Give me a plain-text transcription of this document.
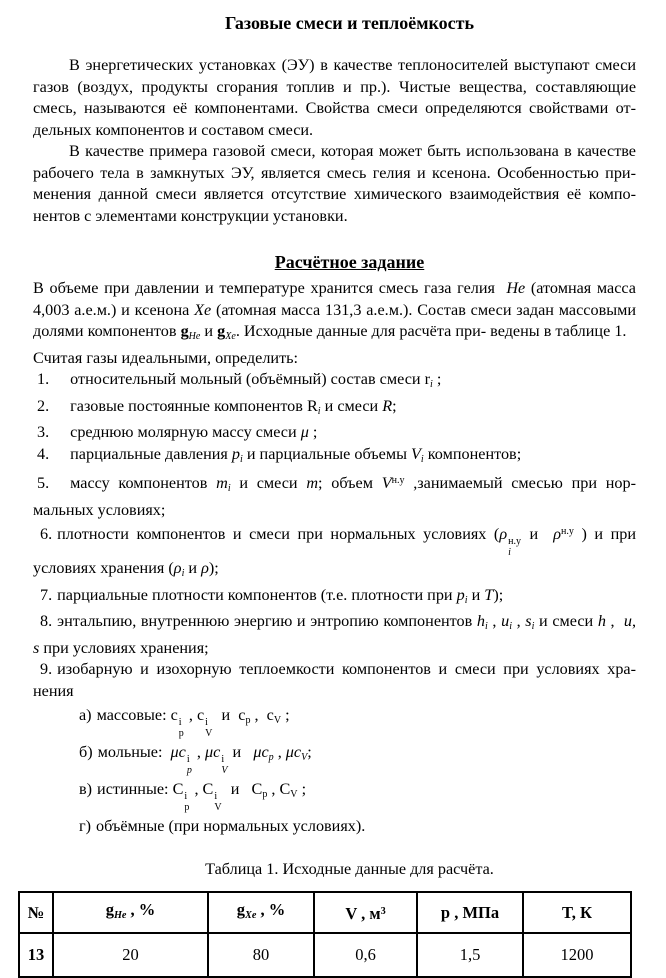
Газовые смеси и теплоёмкость

В энергетических установках (ЭУ) в качестве теплоносителей выступают смеси газов (воздух, продукты сгорания топлив и пр.). Чистые вещества, составляющие смесь, называются её компонентами. Свойства смеси определяются свойствами от- дельных компонентов и составом смеси.

В качестве примера газовой смеси, которая может быть использована в качестве рабочего тела в замкнутых ЭУ, является смесь гелия и ксенона. Особенностью при- менения данной смеси является отсутствие химического взаимодействия её компо- нентов с элементами конструкции установки.

Расчётное задание

В объеме при давлении и температуре хранится смесь газа гелия  He (атомная масса 4,003 а.е.м.) и ксенона Xe (атомная масса 131,3 а.е.м.). Состав смеси задан массовыми долями компонентов $g_{He}$ и $g_{Xe}$. Исходные данные для расчёта при- ведены в таблице 1.

Считая газы идеальными, определить:

1. относительный мольный (объёмный) состав смеси $r_i$ ;
2. газовые постоянные компонентов $R_i$ и смеси R;
3. среднюю молярную массу смеси μ ;
4. парциальные давления $p_i$ и парциальные объемы $V_i$ компонентов;
5. массу компонентов $m_i$ и смеси m; объем $V^{н.у}$ ,занимаемый смесью при нор- мальных условиях;
6. плотности компонентов и смеси при нормальных условиях (ρ н.у
i
и  $\rho^{н.у}$ ) и при условиях хранения ($\rho_i$ и ρ);
7. парциальные плотности компонентов (т.е. плотности при $p_i$ и T);
8. энтальпию, внутреннюю энергию и энтропию компонентов $h_i$ , $u_i$ , $s_i$ и смеси h ,  u, s при условиях хранения;
9. изобарную и изохорную теплоемкости компонентов и смеси при условиях хра- нения
а) массовые: c i
p
, c i
V
и  $c_p$ ,  $c_V$ ;
б) мольные:  μc i
p
, μc i
V
и   $\mu c_p$ , $\mu c_V$;
в) истинные: C i
p
, C i
V
и   $C_p$ , $C_V$ ;
г) объёмные (при нормальных условиях).
Таблица 1. Исходные данные для расчёта.
№	$g_{He}$ , %	$g_{Xe}$ , %	V , $м^3$	p , МПа	T, К
13	20	80	0,6	1,5	1200
